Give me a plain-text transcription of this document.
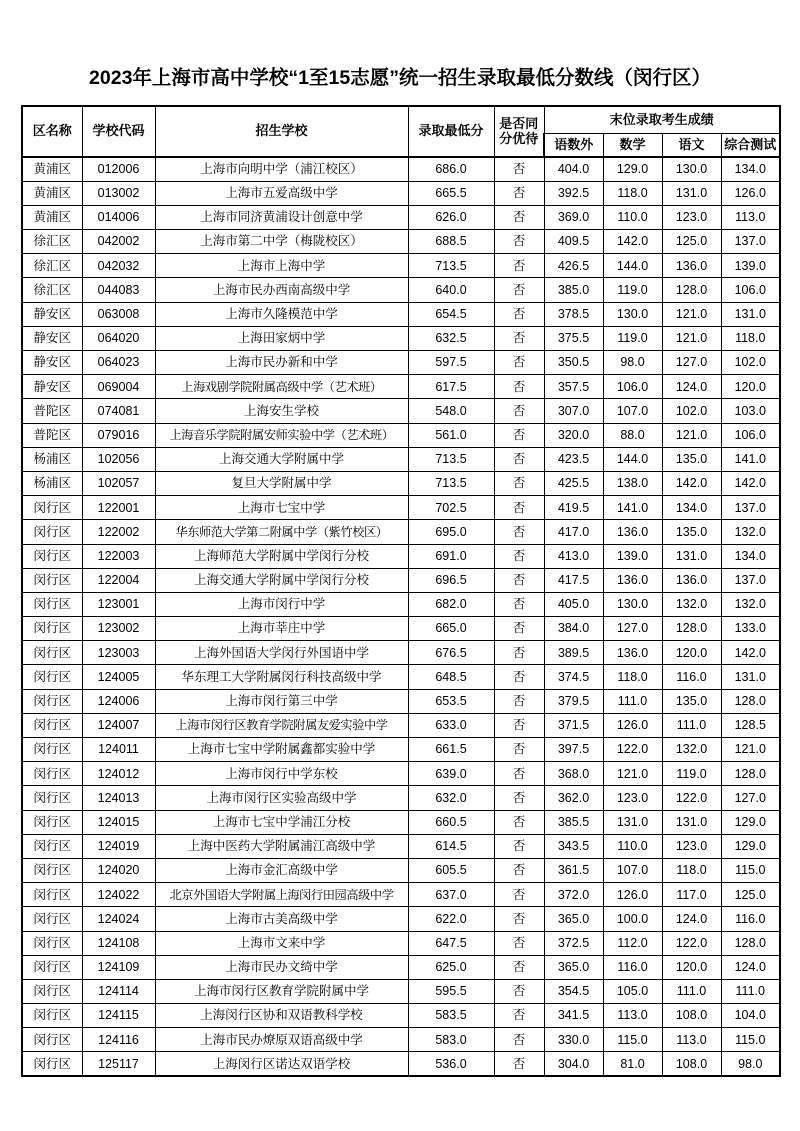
2023年上海市高中学校“1至15志愿”统一招生录取最低分数线（闵行区）
区名称	学校代码	招生学校	录取最低分	是否同分优待	末位录取考生成绩			
					语数外	数学	语文	综合测试
黄浦区	012006	上海市向明中学（浦江校区）	686.0	否	404.0	129.0	130.0	134.0
黄浦区	013002	上海市五爱高级中学	665.5	否	392.5	118.0	131.0	126.0
黄浦区	014006	上海市同济黄浦设计创意中学	626.0	否	369.0	110.0	123.0	113.0
徐汇区	042002	上海市第二中学（梅陇校区）	688.5	否	409.5	142.0	125.0	137.0
徐汇区	042032	上海市上海中学	713.5	否	426.5	144.0	136.0	139.0
徐汇区	044083	上海市民办西南高级中学	640.0	否	385.0	119.0	128.0	106.0
静安区	063008	上海市久隆模范中学	654.5	否	378.5	130.0	121.0	131.0
静安区	064020	上海田家炳中学	632.5	否	375.5	119.0	121.0	118.0
静安区	064023	上海市民办新和中学	597.5	否	350.5	98.0	127.0	102.0
静安区	069004	上海戏剧学院附属高级中学（艺术班）	617.5	否	357.5	106.0	124.0	120.0
普陀区	074081	上海安生学校	548.0	否	307.0	107.0	102.0	103.0
普陀区	079016	上海音乐学院附属安师实验中学（艺术班）	561.0	否	320.0	88.0	121.0	106.0
杨浦区	102056	上海交通大学附属中学	713.5	否	423.5	144.0	135.0	141.0
杨浦区	102057	复旦大学附属中学	713.5	否	425.5	138.0	142.0	142.0
闵行区	122001	上海市七宝中学	702.5	否	419.5	141.0	134.0	137.0
闵行区	122002	华东师范大学第二附属中学（紫竹校区）	695.0	否	417.0	136.0	135.0	132.0
闵行区	122003	上海师范大学附属中学闵行分校	691.0	否	413.0	139.0	131.0	134.0
闵行区	122004	上海交通大学附属中学闵行分校	696.5	否	417.5	136.0	136.0	137.0
闵行区	123001	上海市闵行中学	682.0	否	405.0	130.0	132.0	132.0
闵行区	123002	上海市莘庄中学	665.0	否	384.0	127.0	128.0	133.0
闵行区	123003	上海外国语大学闵行外国语中学	676.5	否	389.5	136.0	120.0	142.0
闵行区	124005	华东理工大学附属闵行科技高级中学	648.5	否	374.5	118.0	116.0	131.0
闵行区	124006	上海市闵行第三中学	653.5	否	379.5	111.0	135.0	128.0
闵行区	124007	上海市闵行区教育学院附属友爱实验中学	633.0	否	371.5	126.0	111.0	128.5
闵行区	124011	上海市七宝中学附属鑫都实验中学	661.5	否	397.5	122.0	132.0	121.0
闵行区	124012	上海市闵行中学东校	639.0	否	368.0	121.0	119.0	128.0
闵行区	124013	上海市闵行区实验高级中学	632.0	否	362.0	123.0	122.0	127.0
闵行区	124015	上海市七宝中学浦江分校	660.5	否	385.5	131.0	131.0	129.0
闵行区	124019	上海中医药大学附属浦江高级中学	614.5	否	343.5	110.0	123.0	129.0
闵行区	124020	上海市金汇高级中学	605.5	否	361.5	107.0	118.0	115.0
闵行区	124022	北京外国语大学附属上海闵行田园高级中学	637.0	否	372.0	126.0	117.0	125.0
闵行区	124024	上海市古美高级中学	622.0	否	365.0	100.0	124.0	116.0
闵行区	124108	上海市文来中学	647.5	否	372.5	112.0	122.0	128.0
闵行区	124109	上海市民办文绮中学	625.0	否	365.0	116.0	120.0	124.0
闵行区	124114	上海市闵行区教育学院附属中学	595.5	否	354.5	105.0	111.0	111.0
闵行区	124115	上海闵行区协和双语教科学校	583.5	否	341.5	113.0	108.0	104.0
闵行区	124116	上海市民办燎原双语高级中学	583.0	否	330.0	115.0	113.0	115.0
闵行区	125117	上海闵行区诺达双语学校	536.0	否	304.0	81.0	108.0	98.0
